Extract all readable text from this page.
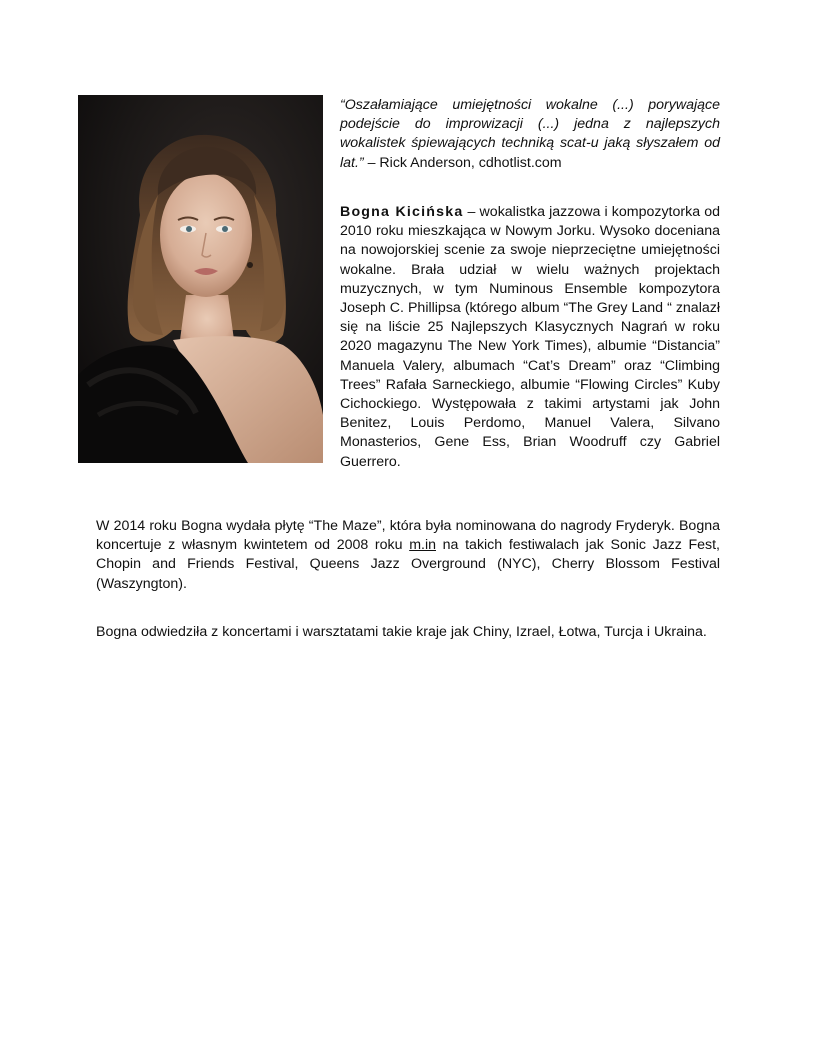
“Oszałamiające umiejętności wokalne (...) porywające podejście do improwizacji (...) jedna z najlepszych wokalistek śpiewających techniką scat-u jaką słyszałem od lat.” – Rick Anderson, cdhotlist.com
Bogna Kicińska – wokalistka jazzowa i kompozytorka od 2010 roku mieszkająca w Nowym Jorku. Wysoko doceniana na nowojorskiej scenie za swoje nieprzeciętne umiejętności wokalne. Brała udział w wielu ważnych projektach muzycznych, w tym Numinous Ensemble kompozytora Joseph C. Phillipsa (którego album “The Grey Land “ znalazł się na liście 25 Najlepszych Klasycznych Nagrań w roku 2020 magazynu The New York Times), albumie “Distancia” Manuela Valery, albumach “Cat’s Dream” oraz “Climbing Trees” Rafała Sarneckiego, albumie “Flowing Circles” Kuby Cichockiego. Występowała z takimi artystami jak John Benitez, Louis Perdomo, Manuel Valera, Silvano Monasterios, Gene Ess, Brian Woodruff czy Gabriel Guerrero.
W 2014 roku Bogna wydała płytę “The Maze”, która była nominowana do nagrody Fryderyk. Bogna koncertuje z własnym kwintetem od 2008 roku m.in na takich festiwalach jak Sonic Jazz Fest, Chopin and Friends Festival, Queens Jazz Overground (NYC), Cherry Blossom Festival (Waszyngton).
Bogna odwiedziła z koncertami i warsztatami takie kraje jak Chiny, Izrael, Łotwa, Turcja i Ukraina.
